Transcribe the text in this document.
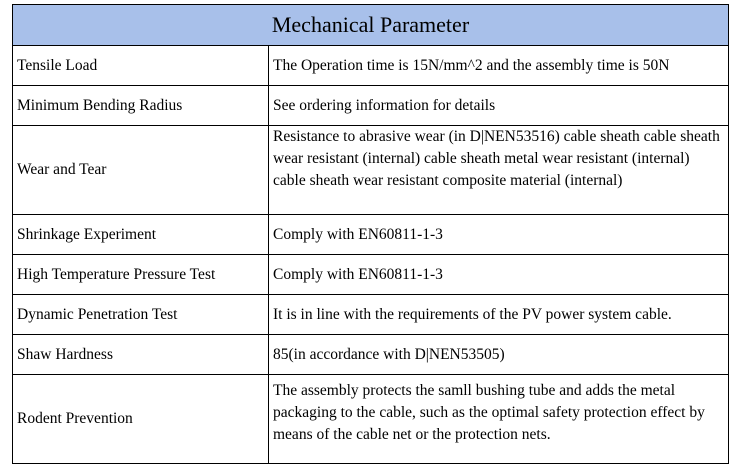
Mechanical Parameter	
Tensile Load	The Operation time is 15N/mm^2 and the assembly time is 50N

Minimum Bending Radius	See ordering information for details
Wear and Tear	Resistance to abrasive wear (in D|NEN53516) cable sheath cable sheath wear resistant (internal) cable sheath metal wear resistant (internal) cable sheath wear resistant composite material (internal)

Shrinkage Experiment	Comply with EN60811-1-3
High Temperature Pressure Test	Comply with EN60811-1-3
Dynamic Penetration Test	It is in line with the requirements of the PV power system cable.

Shaw Hardness	85(in accordance with D|NEN53505)
Rodent Prevention	The assembly protects the samll bushing tube and adds the metal packaging to the cable, such as the optimal safety protection effect by means of the cable net or the protection nets.
